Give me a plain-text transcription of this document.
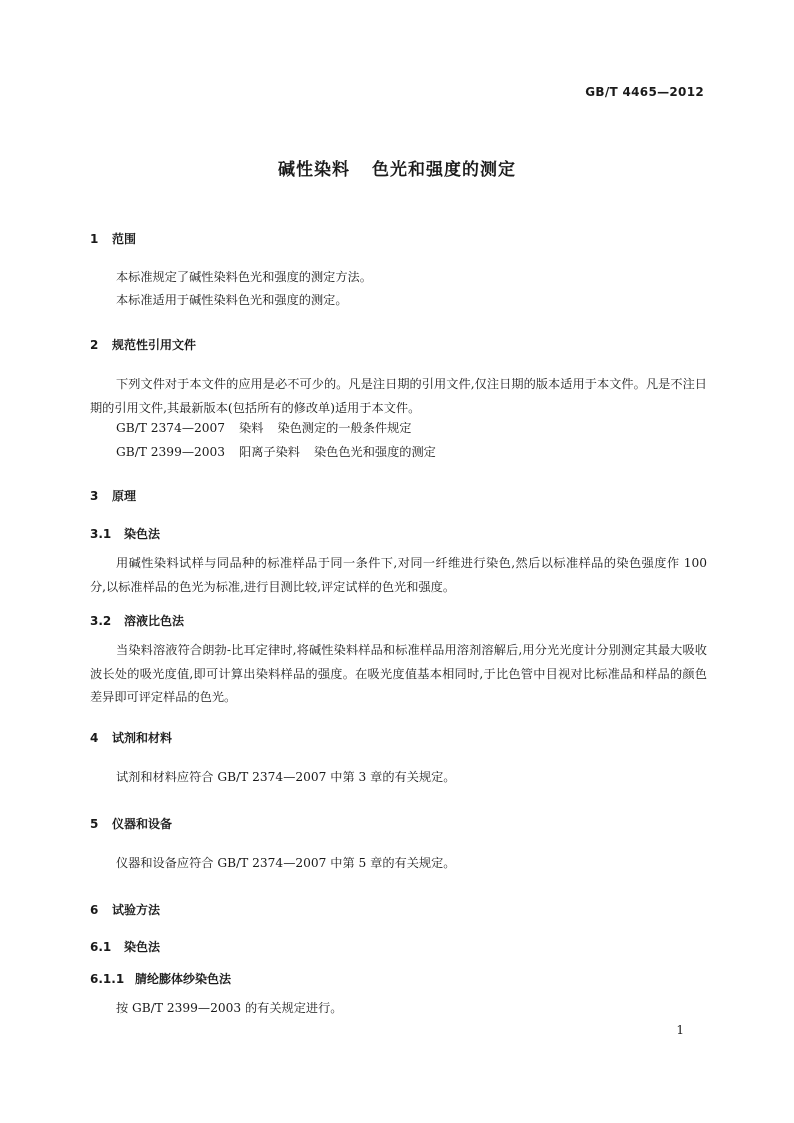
GB/T 4465—2012
碱性染料 色光和强度的测定
1 范围
本标准规定了碱性染料色光和强度的测定方法。
本标准适用于碱性染料色光和强度的测定。
2 规范性引用文件
下列文件对于本文件的应用是必不可少的。凡是注日期的引用文件,仅注日期的版本适用于本文件。凡是不注日期的引用文件,其最新版本(包括所有的修改单)适用于本文件。
GB/T 2374—2007 染料 染色测定的一般条件规定
GB/T 2399—2003 阳离子染料 染色色光和强度的测定
3 原理
3.1 染色法
用碱性染料试样与同品种的标准样品于同一条件下,对同一纤维进行染色,然后以标准样品的染色强度作 100 分,以标准样品的色光为标准,进行目测比较,评定试样的色光和强度。
3.2 溶液比色法
当染料溶液符合朗勃-比耳定律时,将碱性染料样品和标准样品用溶剂溶解后,用分光光度计分别测定其最大吸收波长处的吸光度值,即可计算出染料样品的强度。在吸光度值基本相同时,于比色管中目视对比标准品和样品的颜色差异即可评定样品的色光。
4 试剂和材料
试剂和材料应符合 GB/T 2374—2007 中第 3 章的有关规定。
5 仪器和设备
仪器和设备应符合 GB/T 2374—2007 中第 5 章的有关规定。
6 试验方法
6.1 染色法
6.1.1 腈纶膨体纱染色法
按 GB/T 2399—2003 的有关规定进行。
1
